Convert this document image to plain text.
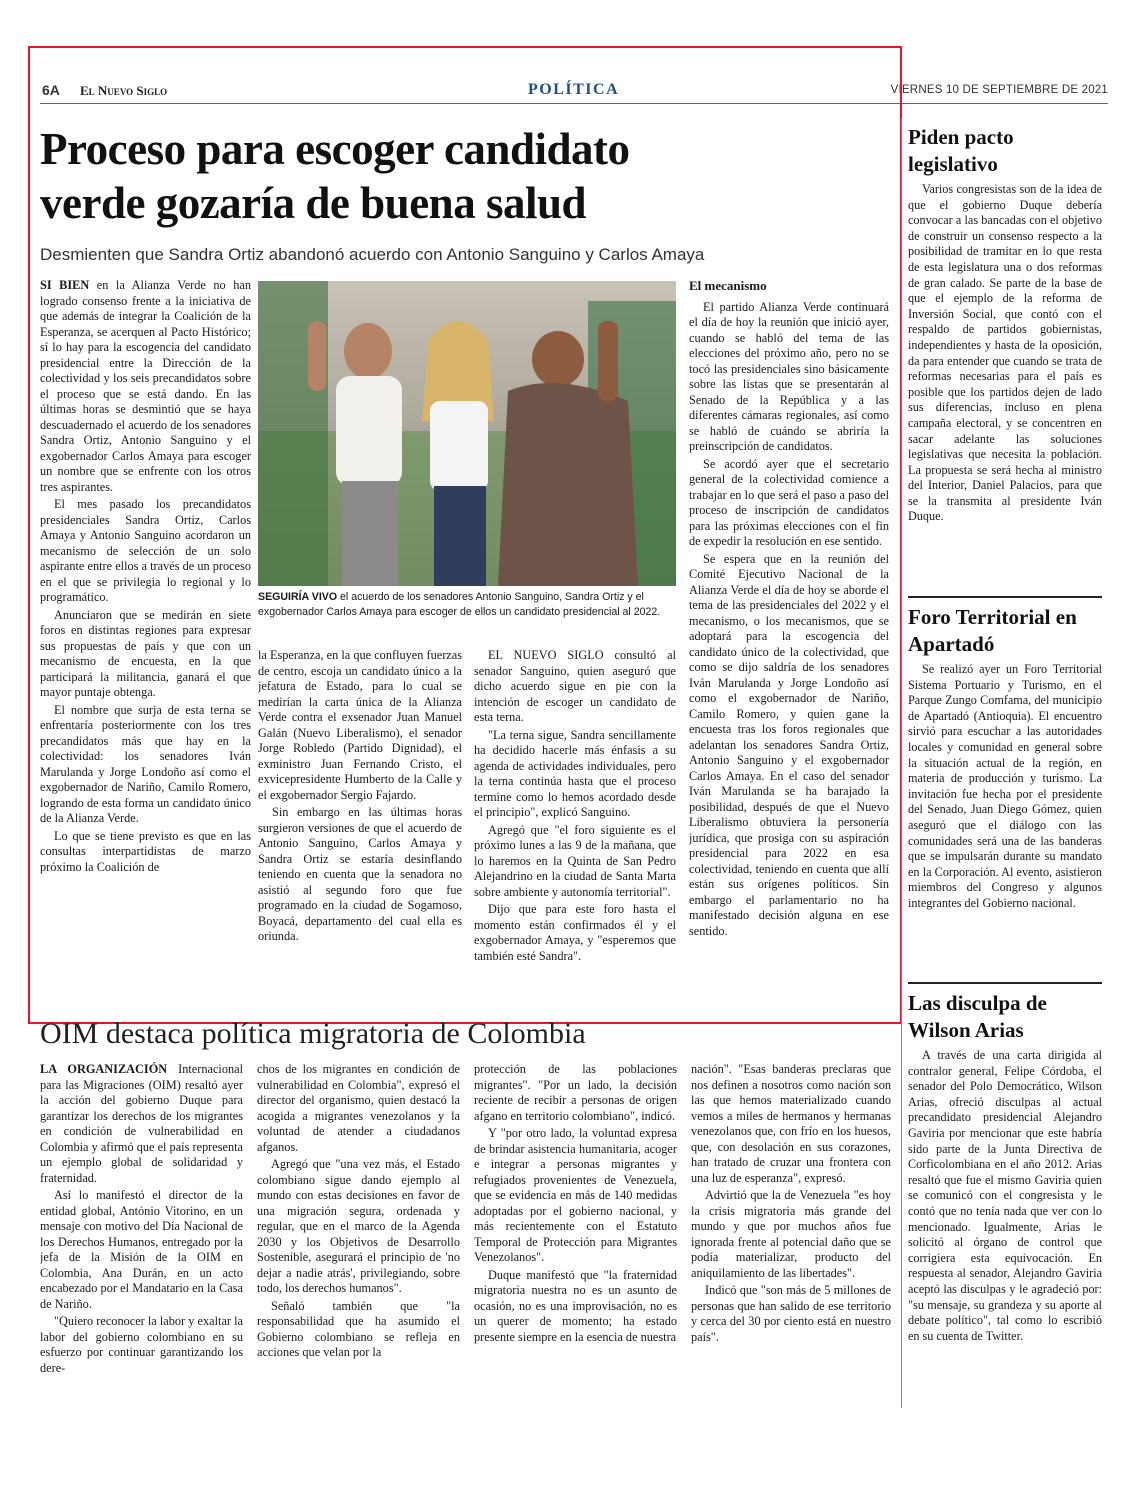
6A El Nuevo Siglo	POLÍTICA	VIERNES 10 DE SEPTIEMBRE DE 2021
Proceso para escoger candidato
verde gozaría de buena salud
Desmienten que Sandra Ortiz abandonó acuerdo con Antonio Sanguino y Carlos Amaya

SI BIEN en la Alianza Verde no han logrado consenso frente a la iniciativa de que además de integrar la Coalición de la Esperanza, se acerquen al Pacto Histórico; sí lo hay para la escogencia del candidato presidencial entre la Dirección de la colectividad y los seis precandidatos sobre el proceso que se está dando. En las últimas horas se desmintió que se haya descuadernado el acuerdo de los senadores Sandra Ortiz, Antonio Sanguino y el exgobernador Carlos Amaya para escoger un nombre que se enfrente con los otros tres aspirantes.

El mes pasado los precandidatos presidenciales Sandra Ortiz, Carlos Amaya y Antonio Sanguino acordaron un mecanismo de selección de un solo aspirante entre ellos a través de un proceso en el que se privilegia lo regional y lo programático.

Anunciaron que se medirán en siete foros en distintas regiones para expresar sus propuestas de país y que con un mecanismo de encuesta, en la que participará la militancia, ganará el que mayor puntaje obtenga.

El nombre que surja de esta terna se enfrentaría posteriormente con los tres precandidatos más que hay en la colectividad: los senadores Iván Marulanda y Jorge Londoño así como el exgobernador de Nariño, Camilo Romero, logrando de esta forma un candidato único de la Alianza Verde.

Lo que se tiene previsto es que en las consultas interpartidistas de marzo próximo la Coalición de

SEGUIRÍA VIVO el acuerdo de los senadores Antonio Sanguino, Sandra Ortiz y el exgobernador Carlos Amaya para escoger de ellos un candidato presidencial al 2022.

la Esperanza, en la que confluyen fuerzas de centro, escoja un candidato único a la jefatura de Estado, para lo cual se medirían la carta única de la Alianza Verde contra el exsenador Juan Manuel Galán (Nuevo Liberalismo), el senador Jorge Robledo (Partido Dignidad), el exministro Juan Fernando Cristo, el exvicepresidente Humberto de la Calle y el exgobernador Sergio Fajardo.

Sin embargo en las últimas horas surgieron versiones de que el acuerdo de Antonio Sanguino, Carlos Amaya y Sandra Ortiz se estaría desinflando teniendo en cuenta que la senadora no asistió al segundo foro que fue programado en la ciudad de Sogamoso, Boyacá, departamento del cual ella es oriunda.

EL NUEVO SIGLO consultó al senador Sanguino, quien aseguró que dicho acuerdo sigue en pie con la intención de escoger un candidato de esta terna.

"La terna sigue, Sandra sencillamente ha decidido hacerle más énfasis a su agenda de actividades individuales, pero la terna continúa hasta que el proceso termine como lo hemos acordado desde el principio", explicó Sanguino.

Agregó que "el foro siguiente es el próximo lunes a las 9 de la mañana, que lo haremos en la Quinta de San Pedro Alejandrino en la ciudad de Santa Marta sobre ambiente y autonomía territorial".

Dijo que para este foro hasta el momento están confirmados él y el exgobernador Amaya, y "esperemos que también esté Sandra".

El mecanismo

El partido Alianza Verde continuará el día de hoy la reunión que inició ayer, cuando se habló del tema de las elecciones del próximo año, pero no se tocó las presidenciales sino básicamente sobre las listas que se presentarán al Senado de la República y a las diferentes cámaras regionales, así como se habló de cuándo se abriría la preinscripción de candidatos.

Se acordó ayer que el secretario general de la colectividad comience a trabajar en lo que será el paso a paso del proceso de inscripción de candidatos para las próximas elecciones con el fin de expedir la resolución en ese sentido.

Se espera que en la reunión del Comité Ejecutivo Nacional de la Alianza Verde el día de hoy se aborde el tema de las presidenciales del 2022 y el mecanismo, o los mecanismos, que se adoptará para la escogencia del candidato único de la colectividad, que como se dijo saldría de los senadores Iván Marulanda y Jorge Londoño así como el exgobernador de Nariño, Camilo Romero, y quien gane la encuesta tras los foros regionales que adelantan los senadores Sandra Ortiz, Antonio Sanguino y el exgobernador Carlos Amaya. En el caso del senador Iván Marulanda se ha barajado la posibilidad, después de que el Nuevo Liberalismo obtuviera la personería jurídica, que prosiga con su aspiración presidencial para 2022 en esa colectividad, teniendo en cuenta que allí están sus orígenes políticos. Sin embargo el parlamentario no ha manifestado decisión alguna en ese sentido.

OIM destaca política migratoria de Colombia

LA ORGANIZACIÓN Internacional para las Migraciones (OIM) resaltó ayer la acción del gobierno Duque para garantizar los derechos de los migrantes en condición de vulnerabilidad en Colombia y afirmó que el país representa un ejemplo global de solidaridad y fraternidad.

Así lo manifestó el director de la entidad global, António Vitorino, en un mensaje con motivo del Día Nacional de los Derechos Humanos, entregado por la jefa de la Misión de la OIM en Colombia, Ana Durán, en un acto encabezado por el Mandatario en la Casa de Nariño.

"Quiero reconocer la labor y exaltar la labor del gobierno colombiano en su esfuerzo por continuar garantizando los dere-

chos de los migrantes en condición de vulnerabilidad en Colombia", expresó el director del organismo, quien destacó la acogida a migrantes venezolanos y la voluntad de atender a ciudadanos afganos.

Agregó que "una vez más, el Estado colombiano sigue dando ejemplo al mundo con estas decisiones en favor de una migración segura, ordenada y regular, que en el marco de la Agenda 2030 y los Objetivos de Desarrollo Sostenible, asegurará el principio de 'no dejar a nadie atrás', privilegiando, sobre todo, los derechos humanos".

Señaló también que "la responsabilidad que ha asumido el Gobierno colombiano se refleja en acciones que velan por la

protección de las poblaciones migrantes". "Por un lado, la decisión reciente de recibir a personas de origen afgano en territorio colombiano", indicó.

Y "por otro lado, la voluntad expresa de brindar asistencia humanitaria, acoger e integrar a personas migrantes y refugiados provenientes de Venezuela, que se evidencia en más de 140 medidas adoptadas por el gobierno nacional, y más recientemente con el Estatuto Temporal de Protección para Migrantes Venezolanos".

Duque manifestó que "la fraternidad migratoria nuestra no es un asunto de ocasión, no es una improvisación, no es un querer de momento; ha estado presente siempre en la esencia de nuestra

nación". "Esas banderas preclaras que nos definen a nosotros como nación son las que hemos materializado cuando vemos a miles de hermanos y hermanas venezolanos que, con frío en los huesos, que, con desolación en sus corazones, han tratado de cruzar una frontera con una luz de esperanza", expresó.

Advirtió que la de Venezuela "es hoy la crisis migratoria más grande del mundo y que por muchos años fue ignorada frente al potencial daño que se podía materializar, producto del aniquilamiento de las libertades".

Indicó que "son más de 5 millones de personas que han salido de ese territorio y cerca del 30 por ciento está en nuestro país".

Piden pacto legislativo

Varios congresistas son de la idea de que el gobierno Duque debería convocar a las bancadas con el objetivo de construir un consenso respecto a la posibilidad de tramitar en lo que resta de esta legislatura una o dos reformas de gran calado. Se parte de la base de que el ejemplo de la reforma de Inversión Social, que contó con el respaldo de partidos gobiernistas, independientes y hasta de la oposición, da para entender que cuando se trata de reformas necesarias para el país es posible que los partidos dejen de lado sus diferencias, incluso en plena campaña electoral, y se concentren en sacar adelante las soluciones legislativas que necesita la población. La propuesta se será hecha al ministro del Interior, Daniel Palacios, para que se la transmita al presidente Iván Duque.

Foro Territorial en Apartadó

Se realizó ayer un Foro Territorial Sistema Portuario y Turismo, en el Parque Zungo Comfama, del municipio de Apartadó (Antioquia). El encuentro sirvió para escuchar a las autoridades locales y comunidad en general sobre la situación actual de la región, en materia de producción y turismo. La invitación fue hecha por el presidente del Senado, Juan Diego Gómez, quien aseguró que el diálogo con las comunidades será una de las banderas que se impulsarán durante su mandato en la Corporación. Al evento, asistieron miembros del Congreso y algunos integrantes del Gobierno nacional.

Las disculpa de Wilson Arias

A través de una carta dirigida al contralor general, Felipe Córdoba, el senador del Polo Democrático, Wilson Arias, ofreció disculpas al actual precandidato presidencial Alejandro Gaviria por mencionar que este habría sido parte de la Junta Directiva de Corficolombiana en el año 2012. Arias resaltó que fue el mismo Gaviria quien se comunicó con el congresista y le contó que no tenía nada que ver con lo mencionado. Igualmente, Arias le solicitó al órgano de control que corrigiera esta equivocación. En respuesta al senador, Alejandro Gaviria aceptó las disculpas y le agradeció por: "su mensaje, su grandeza y su aporte al debate político", tal como lo escribió en su cuenta de Twitter.
